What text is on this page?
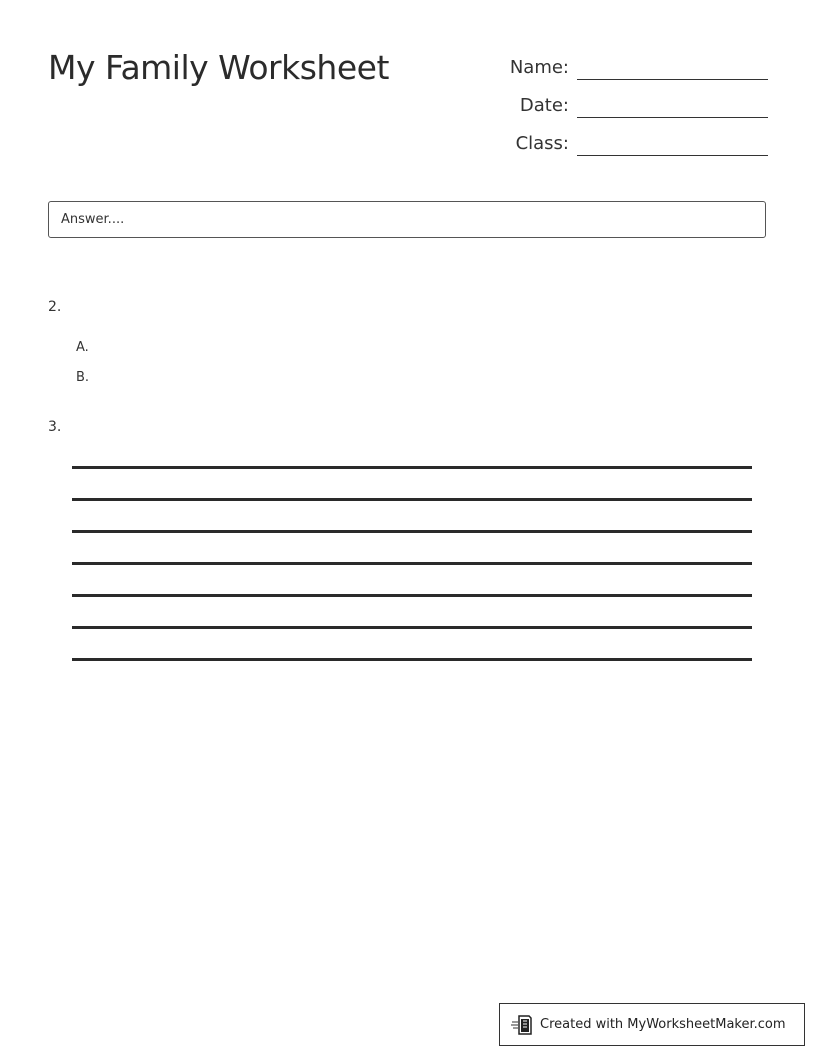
My Family Worksheet	Name:
Date:
Class:
Answer....
2.
A.
B.
3.
Created with MyWorksheetMaker.com
